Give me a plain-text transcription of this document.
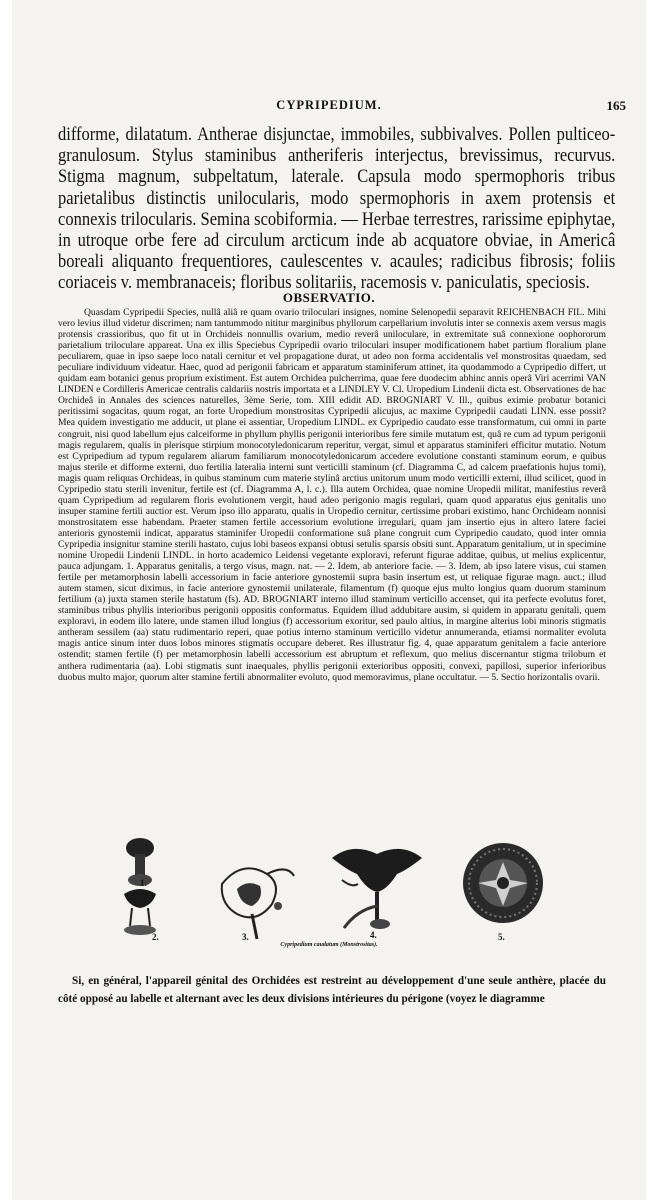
CYPRIPEDIUM.	165

difforme, dilatatum. Antherae disjunctae, immobiles, subbivalves. Pollen pulticeo-granulosum. Stylus staminibus antheriferis interjectus, brevissimus, recurvus. Stigma magnum, subpeltatum, laterale. Capsula modo spermophoris tribus parietalibus distinctis unilocularis, modo spermophoris in axem protensis et connexis trilocularis. Semina scobiformia. — Herbae terrestres, rarissime epiphytae, in utroque orbe fere ad circulum arcticum inde ab acquatore obviae, in Americâ boreali aliquanto frequentiores, caulescentes v. acaules; radicibus fibrosis; foliis coriaceis v. membranaceis; floribus solitariis, racemosis v. paniculatis, speciosis.

OBSERVATIO.

Quasdam Cypripedii Species, nullâ aliâ re quam ovario triloculari insignes, nomine Selenopedii separavit REICHENBACH FIL. Mihi vero levius illud videtur discrimen; nam tantummodo nititur marginibus phyllorum carpellarium involutis inter se connexis axem versus magis protensis crassioribus, quo fit ut in Orchideis nonnullis ovarium, medio reverâ uniloculare, in extremitate suâ connexione oophororum parietalium triloculare appareat. Una ex illis Speciebus Cypripedii ovario triloculari insuper modificationem habet partium floralium plane peculiarem, quae in ipso saepe loco natali cernitur et vel propagatione durat, ut adeo non forma accidentalis vel monstrositas quaedam, sed peculiare individuum videatur. Haec, quod ad perigonii fabricam et apparatum staminiferum attinet, ita quodammodo a Cypripedio differt, ut quidam eam botanici genus proprium existiment. Est autem Orchidea pulcherrima, quae fere duodecim abhinc annis operâ Viri acerrimi VAN LINDEN e Cordilleris Americae centralis caldariis nostris importata et a LINDLEY V. Cl. Uropedium Lindenii dicta est. Observationes de hac Orchideâ in Annales des sciences naturelles, 3ème Serie, tom. XIII edidit AD. BROGNIART V. Ill., quibus eximie probatur botanici peritissimi sogacitas, quum rogat, an forte Uropedium monstrositas Cypripedii alicujus, ac maxime Cypripedii caudati LINN. esse possit? Mea quidem investigatio me adducit, ut plane ei assentiar, Uropedium LINDL. ex Cypripedio caudato esse transformatum, cui omni in parte congruit, nisi quod labellum ejus calceiforme in phyllum phyllis perigonii interioribus fere simile mutatum est, quâ re cum ad typum perigonii magis regularem, qualis in plerisque stirpium monocotyledonicarum reperitur, vergat, simul et apparatus staminiferi efficitur mutatio. Notum est Cypripedium ad typum regularem aliarum familiarum monocotyledonicarum accedere evolutione constanti staminum eorum, e quibus majus sterile et difforme externi, duo fertilia lateralia interni sunt verticilli staminum (cf. Diagramma C, ad calcem praefationis hujus tomi), magis quam reliquas Orchideas, in quibus staminum cum materie stylinâ arctius unitorum unum modo verticilli externi, illud scilicet, quod in Cypripedio statu sterili invenitur, fertile est (cf. Diagramma A, l. c.). Illa autem Orchidea, quae nomine Uropedii militat, manifestius reverâ quam Cypripedium ad regularem floris evolutionem vergit, haud adeo perigonio magis regulari, quam quod apparatus ejus genitalis uno insuper stamine fertili auctior est. Verum ipso illo apparatu, qualis in Uropedio cernitur, certissime probari existimo, hanc Orchideam nonnisi monstrositatem esse habendam. Praeter stamen fertile accessorium evolutione irregulari, quam jam insertio ejus in altero latere faciei anterioris gynostemii indicat, apparatus staminifer Uropedii conformatione suâ plane congruit cum Cypripedio caudato, quod inter omnia Cypripedia insignitur stamine sterili hastato, cujus lobi baseos expansi obtusi setulis sparsis obsiti sunt. Apparatum genitalium, ut in specimine nomine Uropedii Lindenii LINDL. in horto academico Leidensi vegetante exploravi, referunt figurae additae, quibus, ut melius explicentur, pauca adjungam. 1. Apparatus genitalis, a tergo visus, magn. nat. — 2. Idem, ab anteriore facie. — 3. Idem, ab ipso latere visus, cui stamen fertile per metamorphosin labelli accessorium in facie anteriore gynostemii supra basin insertum est, ut reliquae figurae magn. auct.; illud autem stamen, sicut diximus, in facie anteriore gynostemii unilaterale, filamentum (f) quoque ejus multo longius quam duorum staminum fertilium (a) juxta stamen sterile hastatum (fs). AD. BROGNIART interno illud staminum verticillo accenset, qui ita perfecte evolutus foret, staminibus tribus phyllis interioribus perigonii oppositis conformatus. Equidem illud addubitare ausim, si quidem in apparatu genitali, quem exploravi, in eodem illo latere, unde stamen illud longius (f) accessorium exoritur, sed paulo altius, in margine alterius lobi minoris stigmatis antheram sessilem (aa) statu rudimentario reperi, quae potius interno staminum verticillo videtur annumeranda, etiamsi normaliter evoluta magis antice sinum inter duos lobos minores stigmatis occupare deberet. Res illustratur fig. 4, quae apparatum genitalem a facie anteriore ostendit; stamen fertile (f) per metamorphosin labelli accessorium est abruptum et reflexum, quo melius discernantur stigma trilobum et anthera rudimentaria (aa). Lobi stigmatis sunt inaequales, phyllis perigonii exterioribus oppositi, convexi, papillosi, superior inferioribus duobus multo major, quorum alter stamine fertili abnormaliter evoluto, quod memoravimus, plane occultatur. — 5. Sectio horizontalis ovarii.

1.
2.	3.	4.	5.
Cypripedium caudatum (Monstrositas).

Si, en général, l'appareil génital des Orchidées est restreint au développement d'une seule anthère, placée du côté opposé au labelle et alternant avec les deux divisions intérieures du périgone (voyez le diagramme
